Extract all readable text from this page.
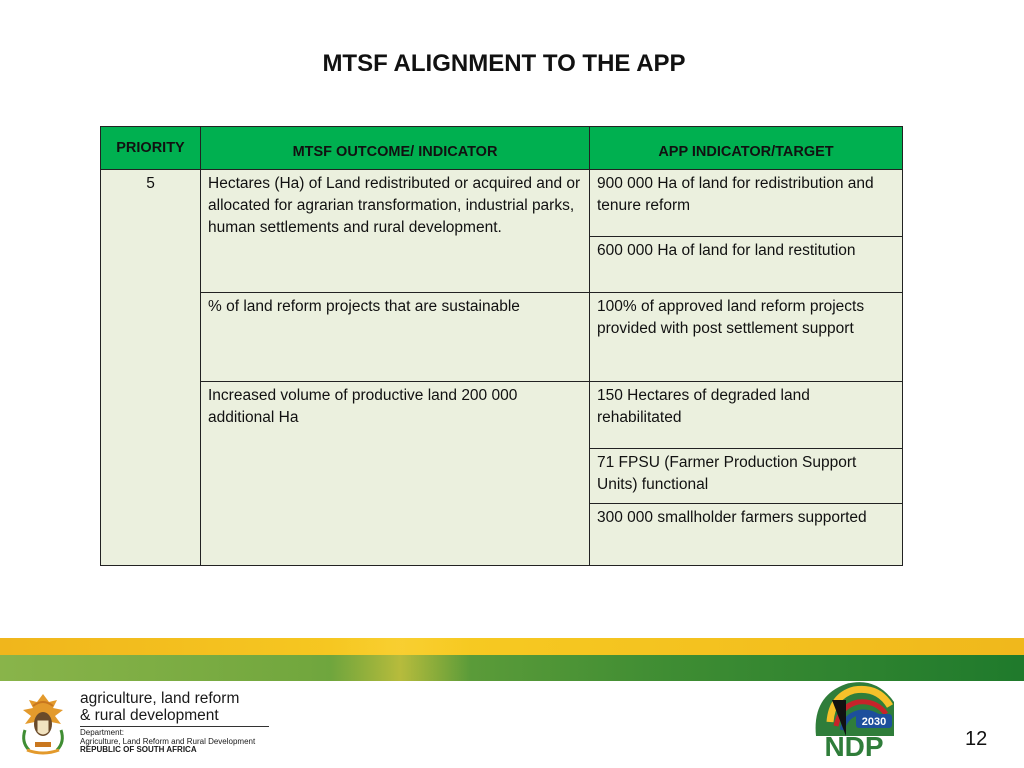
MTSF ALIGNMENT TO THE APP
PRIORITY	MTSF OUTCOME/ INDICATOR	APP INDICATOR/TARGET
5	Hectares (Ha) of Land redistributed or acquired and or allocated for agrarian transformation, industrial parks, human settlements and rural development.	900 000 Ha of land for redistribution and tenure reform
		600 000 Ha of land for land restitution
	% of land reform projects that are sustainable	100% of approved land reform projects provided with post settlement support
	Increased volume of productive land 200 000 additional Ha	150 Hectares of degraded land rehabilitated
		71 FPSU (Farmer Production Support Units) functional
		300 000 smallholder farmers supported
agriculture, land reform
& rural development
Department:
Agriculture, Land Reform and Rural Development
REPUBLIC OF SOUTH AFRICA
2030
NDP	12
